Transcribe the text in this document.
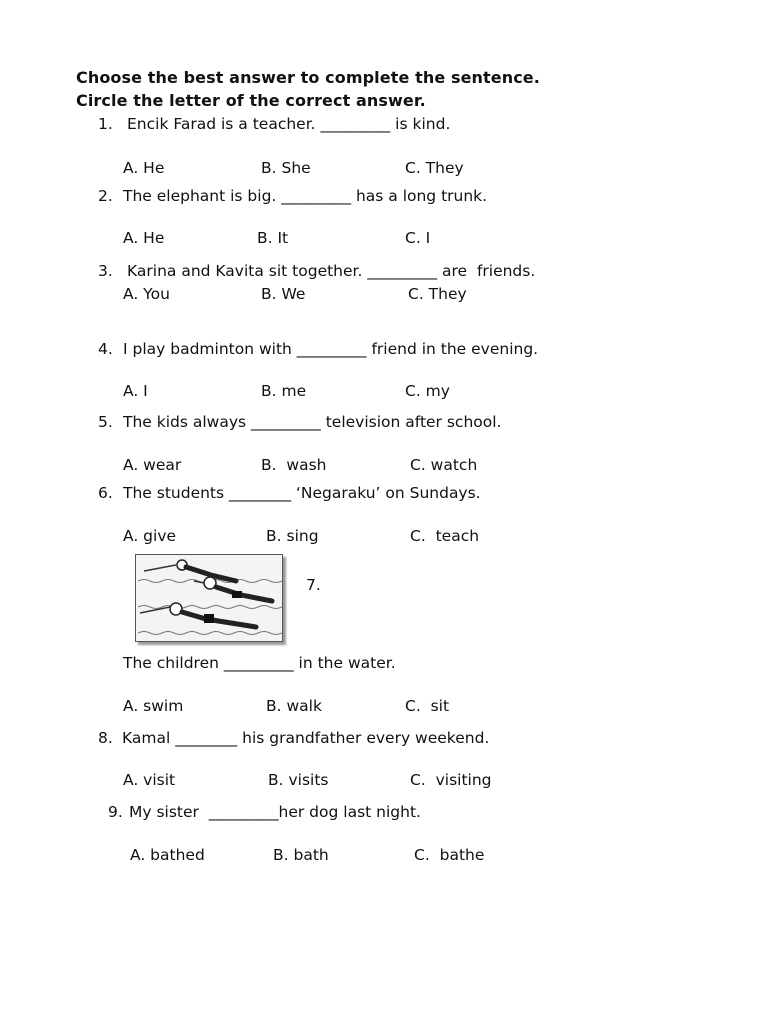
Choose the best answer to complete the sentence.
Circle the letter of the correct answer.
1. Encik Farad is a teacher. _________ is kind.
A. He	B. She	C. They
2. The elephant is big. _________ has a long trunk.
A. He	B. It	C. I
3. Karina and Kavita sit together. _________ are  friends.
A. You	B. We	C. They
4. I play badminton with _________ friend in the evening.
A. I	B. me	C. my
5. The kids always _________ television after school.
A. wear	B.  wash	C. watch
6. The students ________ ‘Negaraku’ on Sundays.
A. give	B. sing	C.  teach
7.
The children _________ in the water.
A. swim	B. walk	C.  sit
8. Kamal ________ his grandfather every weekend.
A. visit	B. visits	C.  visiting
9. My sister  _________her dog last night.
A. bathed	B. bath	C.  bathe
